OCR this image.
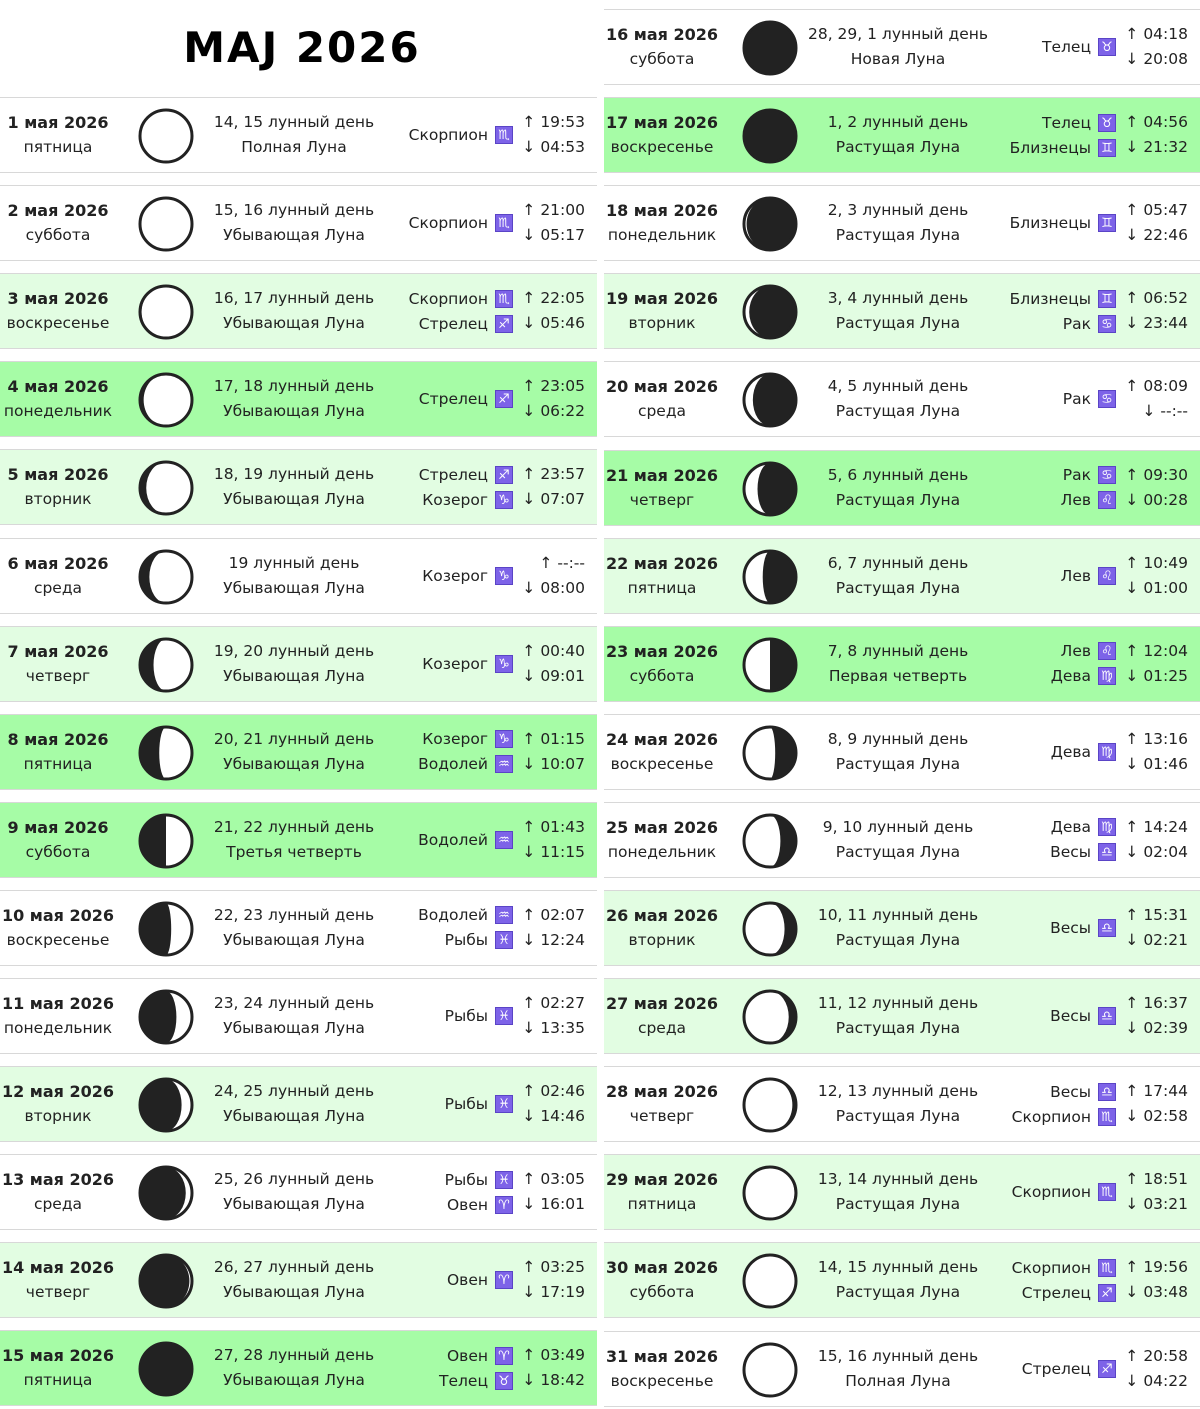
MAJ 2026
1 мая 2026
пятница
14, 15 лунный день
Полная Луна
Скорпион ♏
↑ 19:53
↓ 04:53
2 мая 2026
суббота
15, 16 лунный день
Убывающая Луна
Скорпион ♏
↑ 21:00
↓ 05:17
3 мая 2026
воскресенье
16, 17 лунный день
Убывающая Луна
Скорпион ♏
Стрелец ♐
↑ 22:05
↓ 05:46
4 мая 2026
понедельник
17, 18 лунный день
Убывающая Луна
Стрелец ♐
↑ 23:05
↓ 06:22
5 мая 2026
вторник
18, 19 лунный день
Убывающая Луна
Стрелец ♐
Козерог ♑
↑ 23:57
↓ 07:07
6 мая 2026
среда
19 лунный день
Убывающая Луна
Козерог ♑
↑ --:--
↓ 08:00
7 мая 2026
четверг
19, 20 лунный день
Убывающая Луна
Козерог ♑
↑ 00:40
↓ 09:01
8 мая 2026
пятница
20, 21 лунный день
Убывающая Луна
Козерог ♑
Водолей ♒
↑ 01:15
↓ 10:07
9 мая 2026
суббота
21, 22 лунный день
Третья четверть
Водолей ♒
↑ 01:43
↓ 11:15
10 мая 2026
воскресенье
22, 23 лунный день
Убывающая Луна
Водолей ♒
Рыбы ♓
↑ 02:07
↓ 12:24
11 мая 2026
понедельник
23, 24 лунный день
Убывающая Луна
Рыбы ♓
↑ 02:27
↓ 13:35
12 мая 2026
вторник
24, 25 лунный день
Убывающая Луна
Рыбы ♓
↑ 02:46
↓ 14:46
13 мая 2026
среда
25, 26 лунный день
Убывающая Луна
Рыбы ♓
Овен ♈
↑ 03:05
↓ 16:01
14 мая 2026
четверг
26, 27 лунный день
Убывающая Луна
Овен ♈
↑ 03:25
↓ 17:19
15 мая 2026
пятница
27, 28 лунный день
Убывающая Луна
Овен ♈
Телец ♉
↑ 03:49
↓ 18:42
16 мая 2026
суббота
28, 29, 1 лунный день
Новая Луна
Телец ♉
↑ 04:18
↓ 20:08
17 мая 2026
воскресенье
1, 2 лунный день
Растущая Луна
Телец ♉
Близнецы ♊
↑ 04:56
↓ 21:32
18 мая 2026
понедельник
2, 3 лунный день
Растущая Луна
Близнецы ♊
↑ 05:47
↓ 22:46
19 мая 2026
вторник
3, 4 лунный день
Растущая Луна
Близнецы ♊
Рак ♋
↑ 06:52
↓ 23:44
20 мая 2026
среда
4, 5 лунный день
Растущая Луна
Рак ♋
↑ 08:09
↓ --:--
21 мая 2026
четверг
5, 6 лунный день
Растущая Луна
Рак ♋
Лев ♌
↑ 09:30
↓ 00:28
22 мая 2026
пятница
6, 7 лунный день
Растущая Луна
Лев ♌
↑ 10:49
↓ 01:00
23 мая 2026
суббота
7, 8 лунный день
Первая четверть
Лев ♌
Дева ♍
↑ 12:04
↓ 01:25
24 мая 2026
воскресенье
8, 9 лунный день
Растущая Луна
Дева ♍
↑ 13:16
↓ 01:46
25 мая 2026
понедельник
9, 10 лунный день
Растущая Луна
Дева ♍
Весы ♎
↑ 14:24
↓ 02:04
26 мая 2026
вторник
10, 11 лунный день
Растущая Луна
Весы ♎
↑ 15:31
↓ 02:21
27 мая 2026
среда
11, 12 лунный день
Растущая Луна
Весы ♎
↑ 16:37
↓ 02:39
28 мая 2026
четверг
12, 13 лунный день
Растущая Луна
Весы ♎
Скорпион ♏
↑ 17:44
↓ 02:58
29 мая 2026
пятница
13, 14 лунный день
Растущая Луна
Скорпион ♏
↑ 18:51
↓ 03:21
30 мая 2026
суббота
14, 15 лунный день
Растущая Луна
Скорпион ♏
Стрелец ♐
↑ 19:56
↓ 03:48
31 мая 2026
воскресенье
15, 16 лунный день
Полная Луна
Стрелец ♐
↑ 20:58
↓ 04:22
